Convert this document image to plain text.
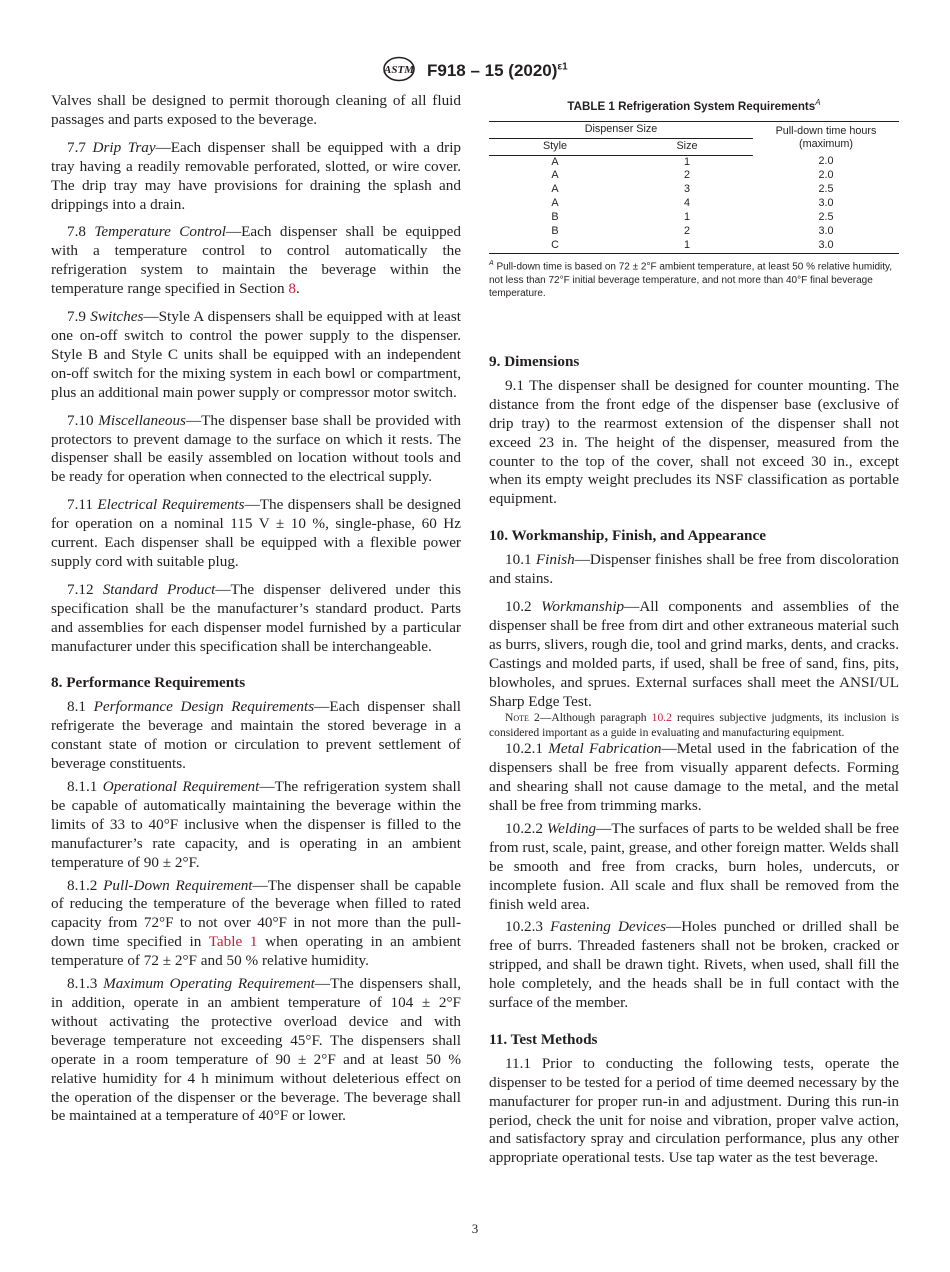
ASTM F918 – 15 $(2020)^{\varepsilon 1}$

Valves shall be designed to permit thorough cleaning of all fluid passages and parts exposed to the beverage.

7.7 Drip Tray—Each dispenser shall be equipped with a drip tray having a readily removable perforated, slotted, or wire cover. The drip tray may have provisions for draining the splash and drippings into a drain.

7.8 Temperature Control—Each dispenser shall be equipped with a temperature control to control automatically the refrigeration system to maintain the beverage within the temperature range specified in Section 8.

7.9 Switches—Style A dispensers shall be equipped with at least one on-off switch to control the power supply to the dispenser. Style B and Style C units shall be equipped with an independent on-off switch for the mixing system in each bowl or compartment, plus an additional main power supply or compressor motor switch.

7.10 Miscellaneous—The dispenser base shall be provided with protectors to prevent damage to the surface on which it rests. The dispenser shall be easily assembled on location without tools and be ready for operation when connected to the electrical supply.

7.11 Electrical Requirements—The dispensers shall be designed for operation on a nominal 115 V ± 10 %, single-phase, 60 Hz current. Each dispenser shall be equipped with a flexible power supply cord with suitable plug.

7.12 Standard Product—The dispenser delivered under this specification shall be the manufacturer’s standard product. Parts and assemblies for each dispenser model furnished by a particular manufacturer under this specification shall be interchangeable.

8. Performance Requirements

8.1 Performance Design Requirements—Each dispenser shall refrigerate the beverage and maintain the stored beverage in a constant state of motion or circulation to prevent settlement of beverage constituents.

8.1.1 Operational Requirement—The refrigeration system shall be capable of automatically maintaining the beverage within the limits of 33 to 40°F inclusive when the dispenser is filled to the manufacturer’s rate capacity, and is operating in an ambient temperature of 90 ± 2°F.

8.1.2 Pull-Down Requirement—The dispenser shall be capable of reducing the temperature of the beverage when filled to rated capacity from 72°F to not over 40°F in not more than the pull-down time specified in Table 1 when operating in an ambient temperature of 72 ± 2°F and 50 % relative humidity.

8.1.3 Maximum Operating Requirement—The dispensers shall, in addition, operate in an ambient temperature of 104 ± 2°F without activating the protective overload device and with beverage temperature not exceeding 45°F. The dispensers shall operate in a room temperature of 90 ± 2°F and at least 50 % relative humidity for 4 h minimum without deleterious effect on the operation of the dispenser or the beverage. The beverage shall be maintained at a temperature of 40°F or lower.

TABLE 1 Refrigeration System Requirements$^A$
Dispenser Size		Pull-down time hours (maximum)
Style	Size	
A	1	2.0
A	2	2.0
A	3	2.5
A	4	3.0
B	1	2.5
B	2	3.0
C	1	3.0
$^A$ Pull-down time is based on 72 ± 2°F ambient temperature, at least 50 % relative humidity, not less than 72°F initial beverage temperature, and not more than 40°F final beverage temperature.
9. Dimensions

9.1 The dispenser shall be designed for counter mounting. The distance from the front edge of the dispenser base (exclusive of drip tray) to the rearmost extension of the dispenser shall not exceed 23 in. The height of the dispenser, measured from the counter to the top of the cover, shall not exceed 30 in., except when its empty weight precludes its NSF classification as portable equipment.

10. Workmanship, Finish, and Appearance

10.1 Finish—Dispenser finishes shall be free from discoloration and stains.

10.2 Workmanship—All components and assemblies of the dispenser shall be free from dirt and other extraneous material such as burrs, slivers, rough die, tool and grind marks, dents, and cracks. Castings and molded parts, if used, shall be free of sand, fins, pits, blowholes, and sprues. External surfaces shall meet the ANSI/UL Sharp Edge Test.

Note 2—Although paragraph 10.2 requires subjective judgments, its inclusion is considered important as a guide in evaluating and manufacturing equipment.

10.2.1 Metal Fabrication—Metal used in the fabrication of the dispensers shall be free from visually apparent defects. Forming and shearing shall not cause damage to the metal, and the metal shall be free from trimming marks.

10.2.2 Welding—The surfaces of parts to be welded shall be free from rust, scale, paint, grease, and other foreign matter. Welds shall be smooth and free from cracks, burn holes, undercuts, or incomplete fusion. All scale and flux shall be removed from the finish weld area.

10.2.3 Fastening Devices—Holes punched or drilled shall be free of burrs. Threaded fasteners shall not be broken, cracked or stripped, and shall be drawn tight. Rivets, when used, shall fill the hole completely, and the heads shall be in full contact with the surface of the member.

11. Test Methods

11.1 Prior to conducting the following tests, operate the dispenser to be tested for a period of time deemed necessary by the manufacturer for proper run-in and adjustment. During this run-in period, check the unit for noise and vibration, proper valve action, and satisfactory spray and circulation performance, plus any other appropriate operational tests. Use tap water as the test beverage.

3
